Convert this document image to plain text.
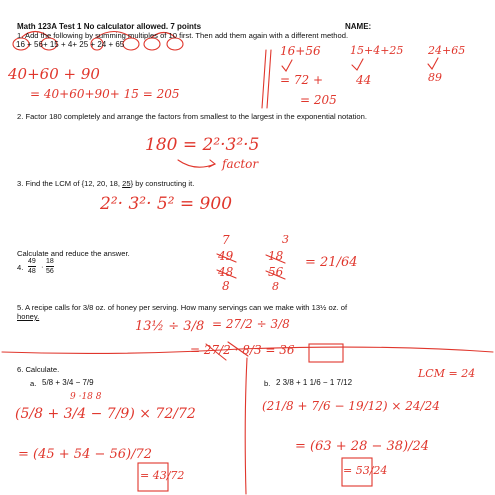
Math 123A Test 1 No calculator allowed. 7 points	NAME:
1. Add the following by summing multiples of 10 first. Then add them again with a different method.
16 + 56+ 15 + 4+ 25 + 24 + 65
40+60 + 90
= 40+60+90+ 15 = 205
16+56	15+4+25 24+65
= 72 +	44	89
= 205
2. Factor 180 completely and arrange the factors from smallest to the largest in the exponential notation.
180 = 2²·3²·5
factor
3. Find the LCM of {12, 20, 18, 25} by constructing it.
2²· 3²· 5² = 900
Calculate and reduce the answer.
4.
49
48
·
18
56
7
49
48
8
3
18
56
8
= 21/64
5. A recipe calls for 3/8 oz. of honey per serving. How many servings can we make with 13½ oz. of
honey.
13½ ÷ 3/8 = 27/2 ÷ 3/8
= 27/2 · 8/3 = 36
6. Calculate.
a. 5/8 + 3/4 − 7/9	b. 2 3/8 + 1 1/6 − 1 7/12
9 ·18 8
(5/8 + 3/4 − 7/9) × 72/72
= (45 + 54 − 56)/72
= 43/72
LCM = 24
(21/8 + 7/6 − 19/12) × 24/24
= (63 + 28 − 38)/24
= 53/24
